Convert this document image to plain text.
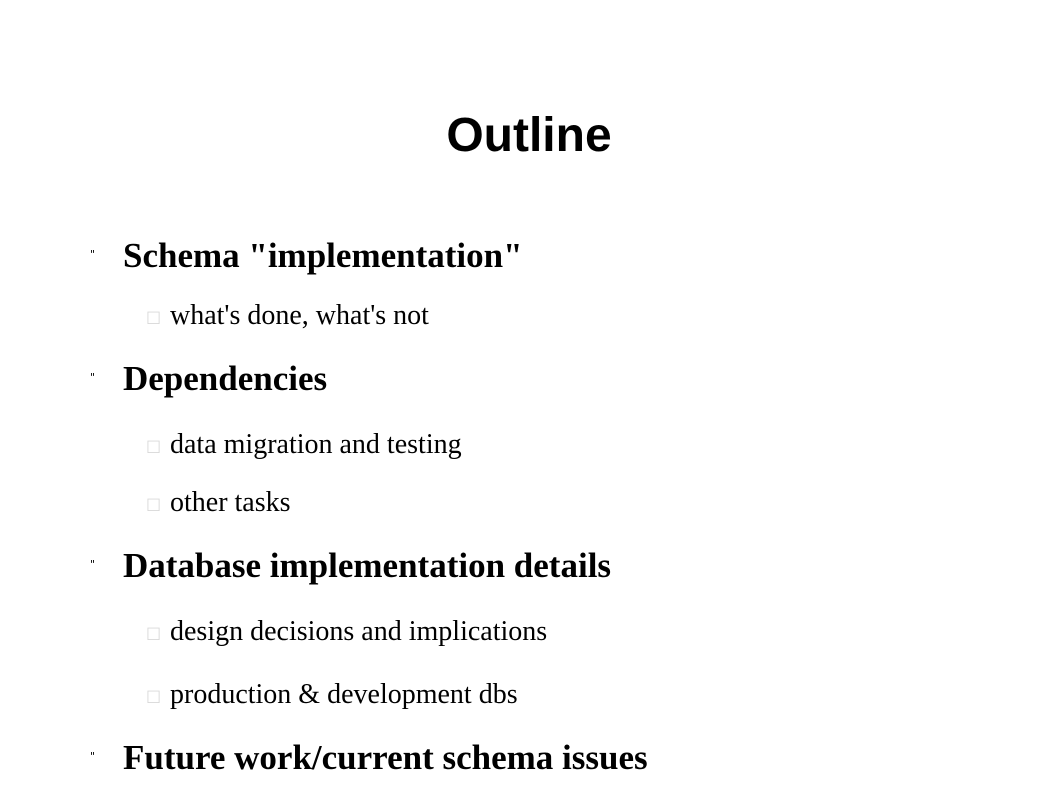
Outline
" Schema "implementation"
□ what's done, what's not
" Dependencies
□ data migration and testing
□ other tasks
" Database implementation details
□ design decisions and implications
□ production & development dbs
" Future work/current schema issues
